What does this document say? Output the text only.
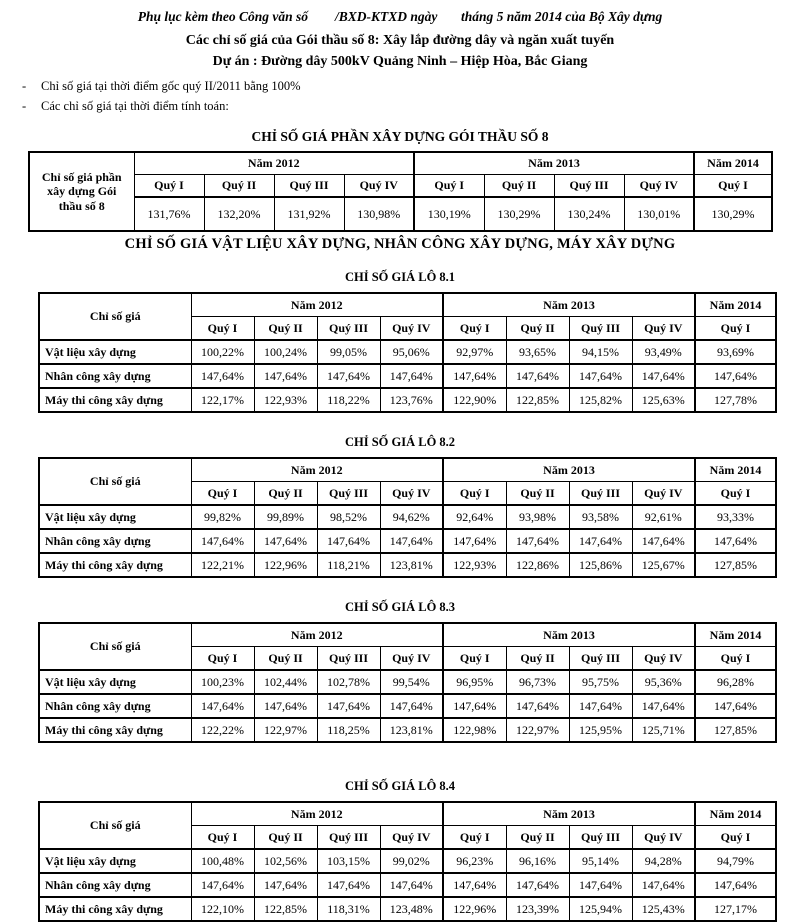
Phụ lục kèm theo Công văn số        /BXD-KTXD ngày       tháng 5 năm 2014 của Bộ Xây dựng
Các chỉ số giá của Gói thầu số 8: Xây lắp đường dây và ngăn xuất tuyến
Dự án : Đường dây 500kV Quảng Ninh – Hiệp Hòa, Bắc Giang
-	Chỉ số giá tại thời điểm gốc quý II/2011 bằng 100%
-	Các chỉ số giá tại thời điểm tính toán:
CHỈ SỐ GIÁ PHẦN XÂY DỰNG GÓI THẦU SỐ 8
Chỉ số giá phần xây dựng Gói thầu số 8	Năm 2012				Năm 2013				Năm 2014
	Quý I	Quý II	Quý III	Quý IV	Quý I	Quý II	Quý III	Quý IV	Quý I
	131,76%	132,20%	131,92%	130,98%	130,19%	130,29%	130,24%	130,01%	130,29%
CHỈ SỐ GIÁ VẬT LIỆU XÂY DỰNG, NHÂN CÔNG XÂY DỰNG, MÁY XÂY DỰNG
CHỈ SỐ GIÁ LÔ 8.1
Chỉ số giá	Năm 2012				Năm 2013				Năm 2014
	Quý I	Quý II	Quý III	Quý IV	Quý I	Quý II	Quý III	Quý IV	Quý I
Vật liệu xây dựng	100,22%	100,24%	99,05%	95,06%	92,97%	93,65%	94,15%	93,49%	93,69%
Nhân công xây dựng	147,64%	147,64%	147,64%	147,64%	147,64%	147,64%	147,64%	147,64%	147,64%
Máy thi công xây dựng	122,17%	122,93%	118,22%	123,76%	122,90%	122,85%	125,82%	125,63%	127,78%
CHỈ SỐ GIÁ LÔ 8.2
Chỉ số giá	Năm 2012				Năm 2013				Năm 2014
	Quý I	Quý II	Quý III	Quý IV	Quý I	Quý II	Quý III	Quý IV	Quý I
Vật liệu xây dựng	99,82%	99,89%	98,52%	94,62%	92,64%	93,98%	93,58%	92,61%	93,33%
Nhân công xây dựng	147,64%	147,64%	147,64%	147,64%	147,64%	147,64%	147,64%	147,64%	147,64%
Máy thi công xây dựng	122,21%	122,96%	118,21%	123,81%	122,93%	122,86%	125,86%	125,67%	127,85%
CHỈ SỐ GIÁ LÔ 8.3
Chỉ số giá	Năm 2012				Năm 2013				Năm 2014
	Quý I	Quý II	Quý III	Quý IV	Quý I	Quý II	Quý III	Quý IV	Quý I
Vật liệu xây dựng	100,23%	102,44%	102,78%	99,54%	96,95%	96,73%	95,75%	95,36%	96,28%
Nhân công xây dựng	147,64%	147,64%	147,64%	147,64%	147,64%	147,64%	147,64%	147,64%	147,64%
Máy thi công xây dựng	122,22%	122,97%	118,25%	123,81%	122,98%	122,97%	125,95%	125,71%	127,85%
CHỈ SỐ GIÁ LÔ 8.4
Chỉ số giá	Năm 2012				Năm 2013				Năm 2014
	Quý I	Quý II	Quý III	Quý IV	Quý I	Quý II	Quý III	Quý IV	Quý I
Vật liệu xây dựng	100,48%	102,56%	103,15%	99,02%	96,23%	96,16%	95,14%	94,28%	94,79%
Nhân công xây dựng	147,64%	147,64%	147,64%	147,64%	147,64%	147,64%	147,64%	147,64%	147,64%
Máy thi công xây dựng	122,10%	122,85%	118,31%	123,48%	122,96%	123,39%	125,94%	125,43%	127,17%
